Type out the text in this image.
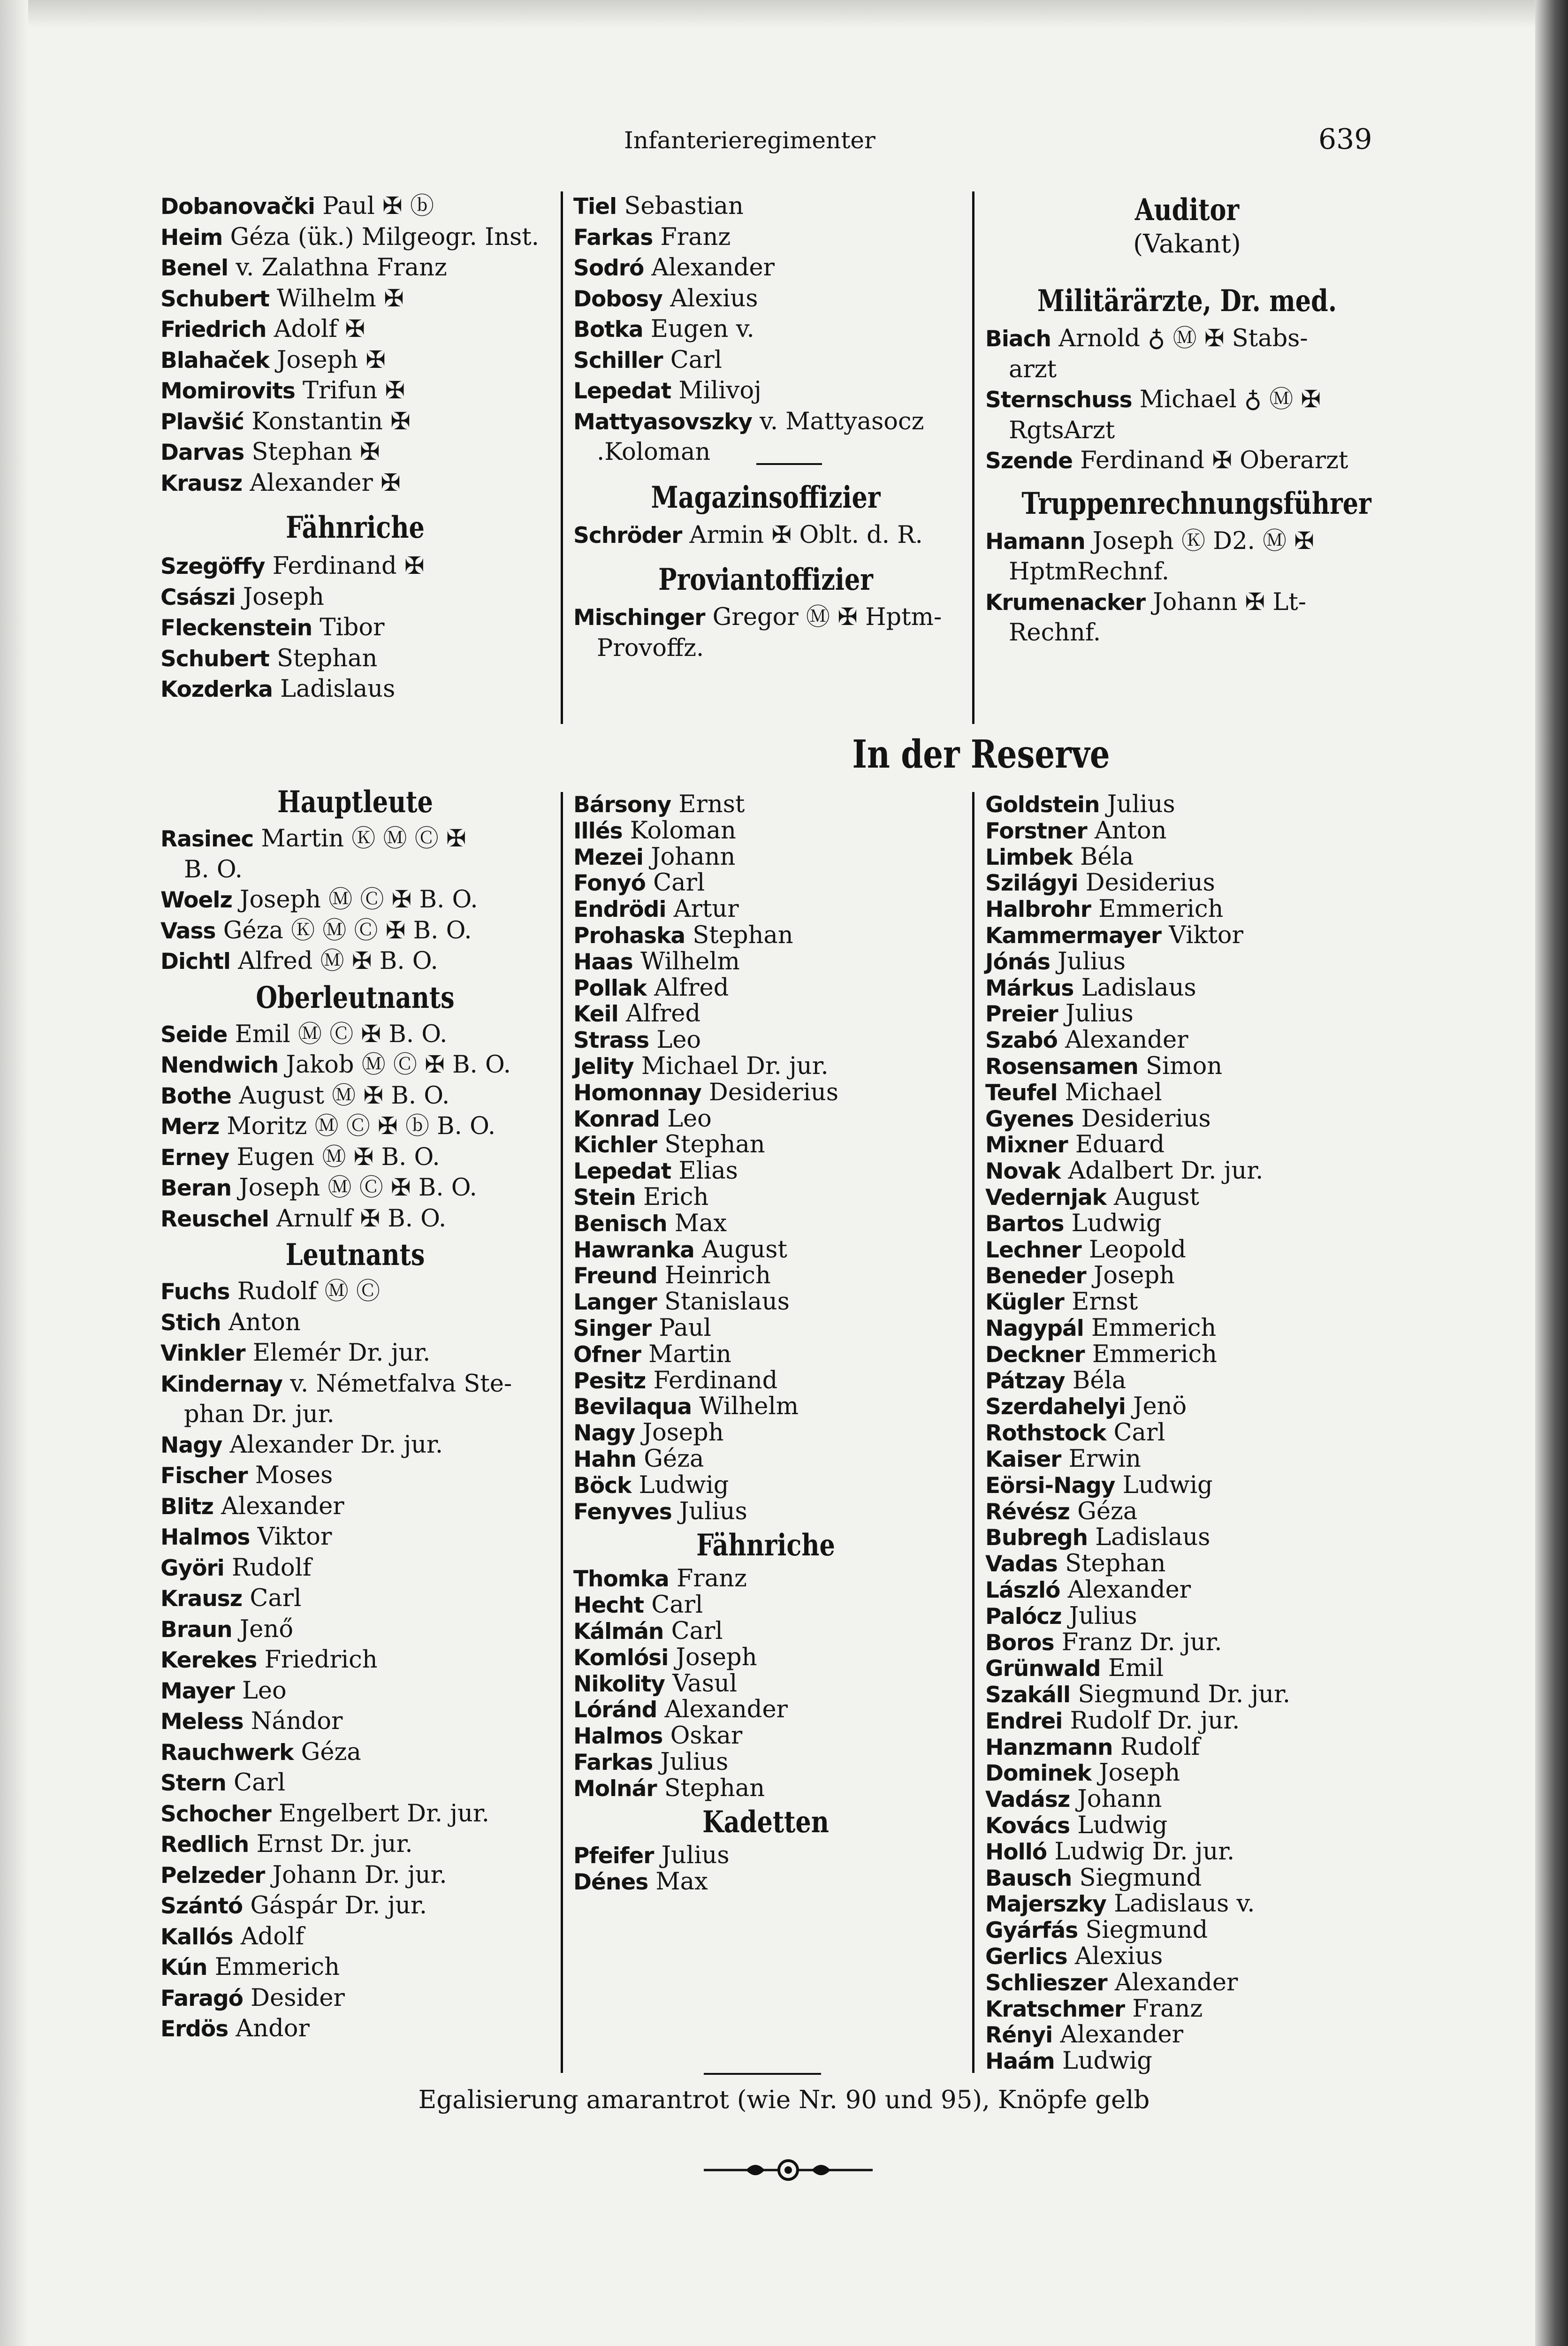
Infanterieregimenter	639
Dobanovački Paul ✠ ⓑ
Heim Géza (ük.) Milgeogr. Inst.
Benel v. Zalathna Franz
Schubert Wilhelm ✠
Friedrich Adolf ✠
Blahaček Joseph ✠
Momirovits Trifun ✠
Plavšić Konstantin ✠
Darvas Stephan ✠
Krausz Alexander ✠
Fähnriche
Szegöffy Ferdinand ✠
Császi Joseph
Fleckenstein Tibor
Schubert Stephan
Kozderka Ladislaus
Tiel Sebastian
Farkas Franz
Sodró Alexander
Dobosy Alexius
Botka Eugen v.
Schiller Carl
Lepedat Milivoj
Mattyasovszky v. Mattyasocz
.Koloman
Magazinsoffizier
Schröder Armin ✠ Oblt. d. R.
Proviantoffizier
Mischinger Gregor Ⓜ ✠ Hptm-
Provoffz.
Auditor
(Vakant)
Militärärzte, Dr. med.
Biach Arnold ♁ Ⓜ ✠ Stabs-
arzt
Sternschuss Michael ♁ Ⓜ ✠
RgtsArzt
Szende Ferdinand ✠ Oberarzt
Truppenrechnungsführer
Hamann Joseph Ⓚ D2. Ⓜ ✠
HptmRechnf.
Krumenacker Johann ✠ Lt-
Rechnf.
In der Reserve
Hauptleute
Rasinec Martin Ⓚ Ⓜ Ⓒ ✠
B. O.
Woelz Joseph Ⓜ Ⓒ ✠ B. O.
Vass Géza Ⓚ Ⓜ Ⓒ ✠ B. O.
Dichtl Alfred Ⓜ ✠ B. O.
Oberleutnants
Seide Emil Ⓜ Ⓒ ✠ B. O.
Nendwich Jakob Ⓜ Ⓒ ✠ B. O.
Bothe August Ⓜ ✠ B. O.
Merz Moritz Ⓜ Ⓒ ✠ ⓑ B. O.
Erney Eugen Ⓜ ✠ B. O.
Beran Joseph Ⓜ Ⓒ ✠ B. O.
Reuschel Arnulf ✠ B. O.
Leutnants
Fuchs Rudolf Ⓜ Ⓒ
Stich Anton
Vinkler Elemér Dr. jur.
Kindernay v. Németfalva Ste-
phan Dr. jur.
Nagy Alexander Dr. jur.
Fischer Moses
Blitz Alexander
Halmos Viktor
Györi Rudolf
Krausz Carl
Braun Jenő
Kerekes Friedrich
Mayer Leo
Meless Nándor
Rauchwerk Géza
Stern Carl
Schocher Engelbert Dr. jur.
Redlich Ernst Dr. jur.
Pelzeder Johann Dr. jur.
Szántó Gáspár Dr. jur.
Kallós Adolf
Kún Emmerich
Faragó Desider
Erdös Andor
Bársony Ernst
Illés Koloman
Mezei Johann
Fonyó Carl
Endrödi Artur
Prohaska Stephan
Haas Wilhelm
Pollak Alfred
Keil Alfred
Strass Leo
Jelity Michael Dr. jur.
Homonnay Desiderius
Konrad Leo
Kichler Stephan
Lepedat Elias
Stein Erich
Benisch Max
Hawranka August
Freund Heinrich
Langer Stanislaus
Singer Paul
Ofner Martin
Pesitz Ferdinand
Bevilaqua Wilhelm
Nagy Joseph
Hahn Géza
Böck Ludwig
Fenyves Julius
Fähnriche
Thomka Franz
Hecht Carl
Kálmán Carl
Komlósi Joseph
Nikolity Vasul
Lóránd Alexander
Halmos Oskar
Farkas Julius
Molnár Stephan
Kadetten
Pfeifer Julius
Dénes Max
Goldstein Julius
Forstner Anton
Limbek Béla
Szilágyi Desiderius
Halbrohr Emmerich
Kammermayer Viktor
Jónás Julius
Márkus Ladislaus
Preier Julius
Szabó Alexander
Rosensamen Simon
Teufel Michael
Gyenes Desiderius
Mixner Eduard
Novak Adalbert Dr. jur.
Vedernjak August
Bartos Ludwig
Lechner Leopold
Beneder Joseph
Kügler Ernst
Nagypál Emmerich
Deckner Emmerich
Pátzay Béla
Szerdahelyi Jenö
Rothstock Carl
Kaiser Erwin
Eörsi-Nagy Ludwig
Révész Géza
Bubregh Ladislaus
Vadas Stephan
László Alexander
Palócz Julius
Boros Franz Dr. jur.
Grünwald Emil
Szakáll Siegmund Dr. jur.
Endrei Rudolf Dr. jur.
Hanzmann Rudolf
Dominek Joseph
Vadász Johann
Kovács Ludwig
Holló Ludwig Dr. jur.
Bausch Siegmund
Majerszky Ladislaus v.
Gyárfás Siegmund
Gerlics Alexius
Schlieszer Alexander
Kratschmer Franz
Rényi Alexander
Haám Ludwig
Egalisierung amarantrot (wie Nr. 90 und 95), Knöpfe gelb
